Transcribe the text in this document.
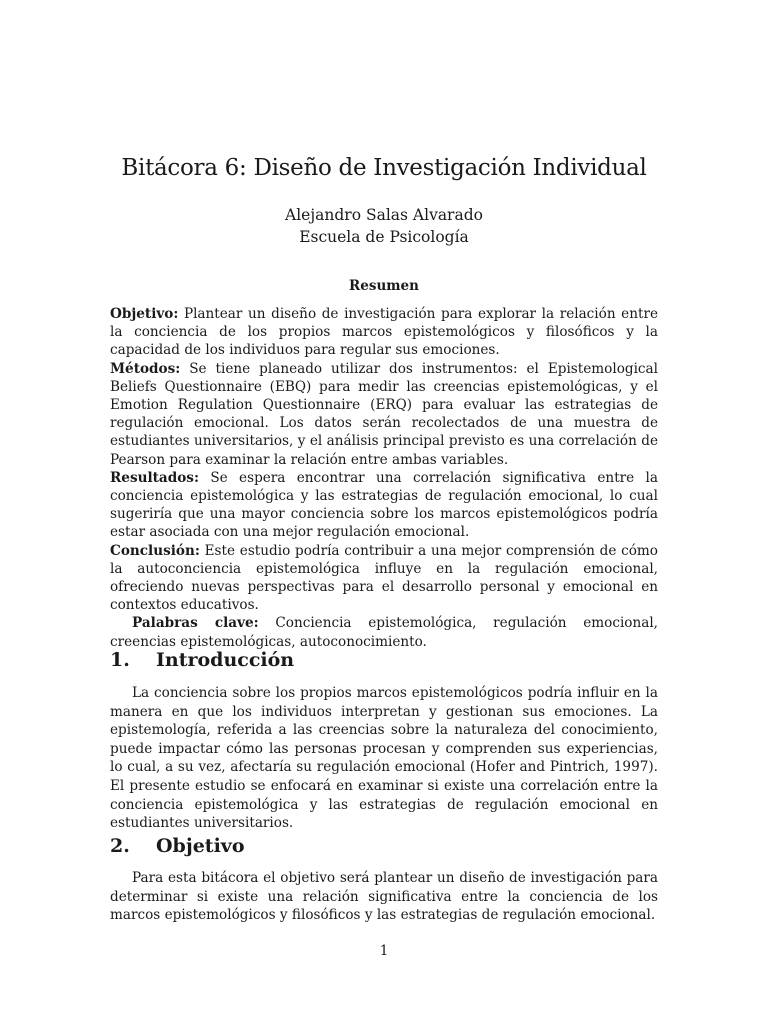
Bitácora 6: Diseño de Investigación Individual
Alejandro Salas Alvarado
Escuela de Psicología
Resumen

Objetivo: Plantear un diseño de investigación para explorar la relación entre la conciencia de los propios marcos epistemológicos y filosóficos y la capacidad de los individuos para regular sus emociones.

Métodos: Se tiene planeado utilizar dos instrumentos: el Epistemological Beliefs Questionnaire (EBQ) para medir las creencias epistemológicas, y el Emotion Regulation Questionnaire (ERQ) para evaluar las estrategias de regulación emocional. Los datos serán recolectados de una muestra de estudiantes universitarios, y el análisis principal previsto es una correlación de Pearson para examinar la relación entre ambas variables.

Resultados: Se espera encontrar una correlación significativa entre la conciencia epistemológica y las estrategias de regulación emocional, lo cual sugeriría que una mayor conciencia sobre los marcos epistemológicos podría estar asociada con una mejor regulación emocional.

Conclusión: Este estudio podría contribuir a una mejor comprensión de cómo la autoconciencia epistemológica influye en la regulación emocional, ofreciendo nuevas perspectivas para el desarrollo personal y emocional en contextos educativos.

Palabras clave: Conciencia epistemológica, regulación emocional, creencias epistemológicas, autoconocimiento.

1. Introducción

La conciencia sobre los propios marcos epistemológicos podría influir en la manera en que los individuos interpretan y gestionan sus emociones. La epistemología, referida a las creencias sobre la naturaleza del conocimiento, puede impactar cómo las personas procesan y comprenden sus experiencias, lo cual, a su vez, afectaría su regulación emocional (Hofer and Pintrich, 1997). El presente estudio se enfocará en examinar si existe una correlación entre la conciencia epistemológica y las estrategias de regulación emocional en estudiantes universitarios.

2. Objetivo

Para esta bitácora el objetivo será plantear un diseño de investigación para determinar si existe una relación significativa entre la conciencia de los marcos epistemológicos y filosóficos y las estrategias de regulación emocional.

1
